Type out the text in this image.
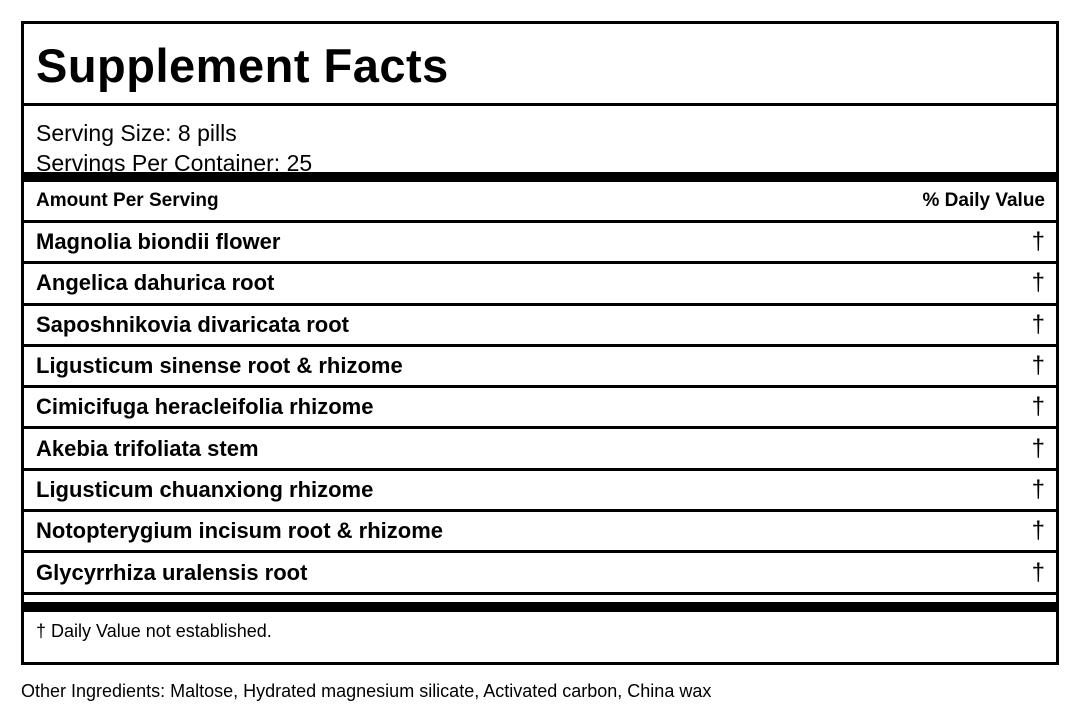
Supplement Facts
Serving Size: 8 pills
Servings Per Container: 25
Amount Per Serving	% Daily Value
Magnolia biondii flower	†
Angelica dahurica root	†
Saposhnikovia divaricata root	†
Ligusticum sinense root & rhizome	†
Cimicifuga heracleifolia rhizome	†
Akebia trifoliata stem	†
Ligusticum chuanxiong rhizome	†
Notopterygium incisum root & rhizome	†
Glycyrrhiza uralensis root	†
† Daily Value not established.
Other Ingredients: Maltose, Hydrated magnesium silicate, Activated carbon, China wax
